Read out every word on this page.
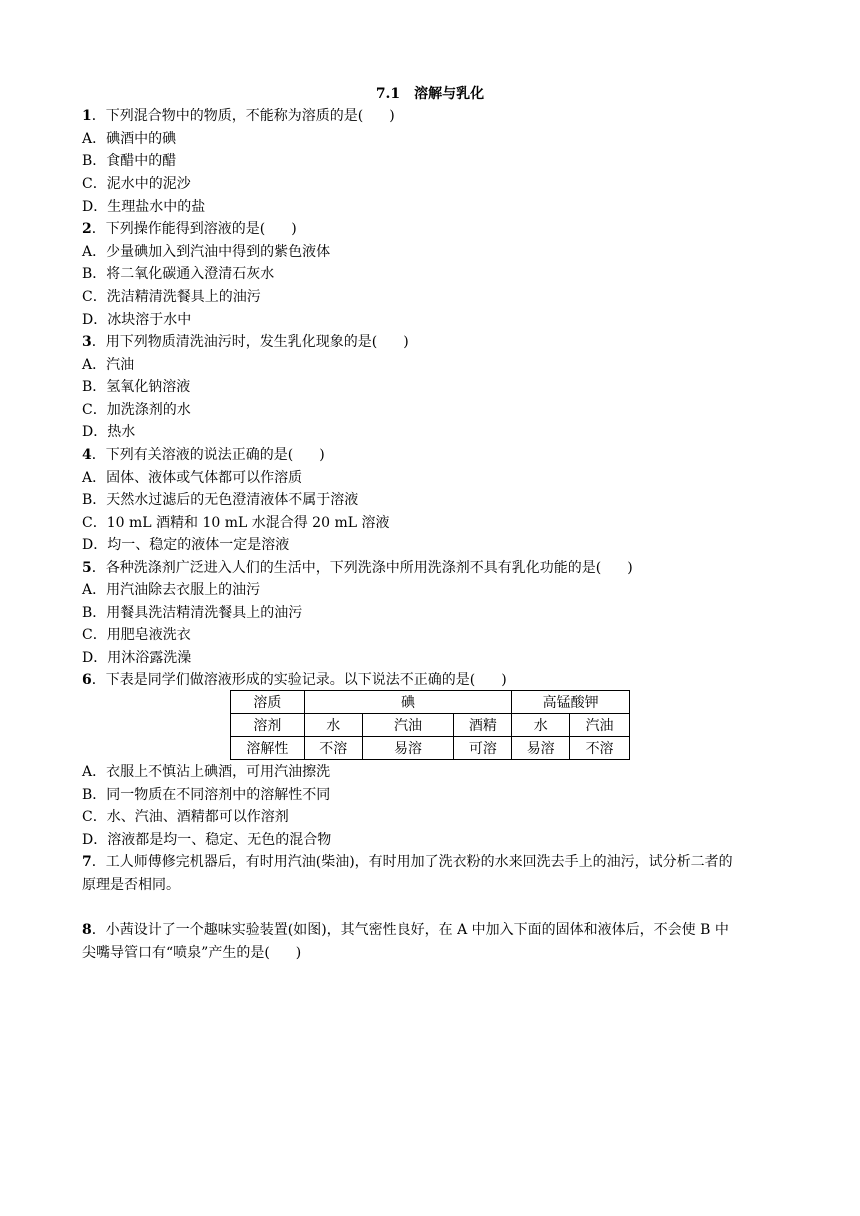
7.1　溶解与乳化
1．下列混合物中的物质，不能称为溶质的是( )
A．碘酒中的碘
B．食醋中的醋
C．泥水中的泥沙
D．生理盐水中的盐
2．下列操作能得到溶液的是( )
A．少量碘加入到汽油中得到的紫色液体
B．将二氧化碳通入澄清石灰水
C．洗洁精清洗餐具上的油污
D．冰块溶于水中
3．用下列物质清洗油污时，发生乳化现象的是( )
A．汽油
B．氢氧化钠溶液
C．加洗涤剂的水
D．热水
4．下列有关溶液的说法正确的是( )
A．固体、液体或气体都可以作溶质
B．天然水过滤后的无色澄清液体不属于溶液
C．10 mL 酒精和 10 mL 水混合得 20 mL 溶液
D．均一、稳定的液体一定是溶液
5．各种洗涤剂广泛进入人们的生活中，下列洗涤中所用洗涤剂不具有乳化功能的是( )
A．用汽油除去衣服上的油污
B．用餐具洗洁精清洗餐具上的油污
C．用肥皂液洗衣
D．用沐浴露洗澡
6．下表是同学们做溶液形成的实验记录。以下说法不正确的是( )
溶质	碘			高锰酸钾	
溶剂	水	汽油	酒精	水	汽油
溶解性	不溶	易溶	可溶	易溶	不溶
A．衣服上不慎沾上碘酒，可用汽油擦洗
B．同一物质在不同溶剂中的溶解性不同
C．水、汽油、酒精都可以作溶剂
D．溶液都是均一、稳定、无色的混合物
7．工人师傅修完机器后，有时用汽油(柴油)，有时用加了洗衣粉的水来回洗去手上的油污，试分析二者的
原理是否相同。
8．小茜设计了一个趣味实验装置(如图)，其气密性良好，在 A 中加入下面的固体和液体后，不会使 B 中
尖嘴导管口有“喷泉”产生的是( )
